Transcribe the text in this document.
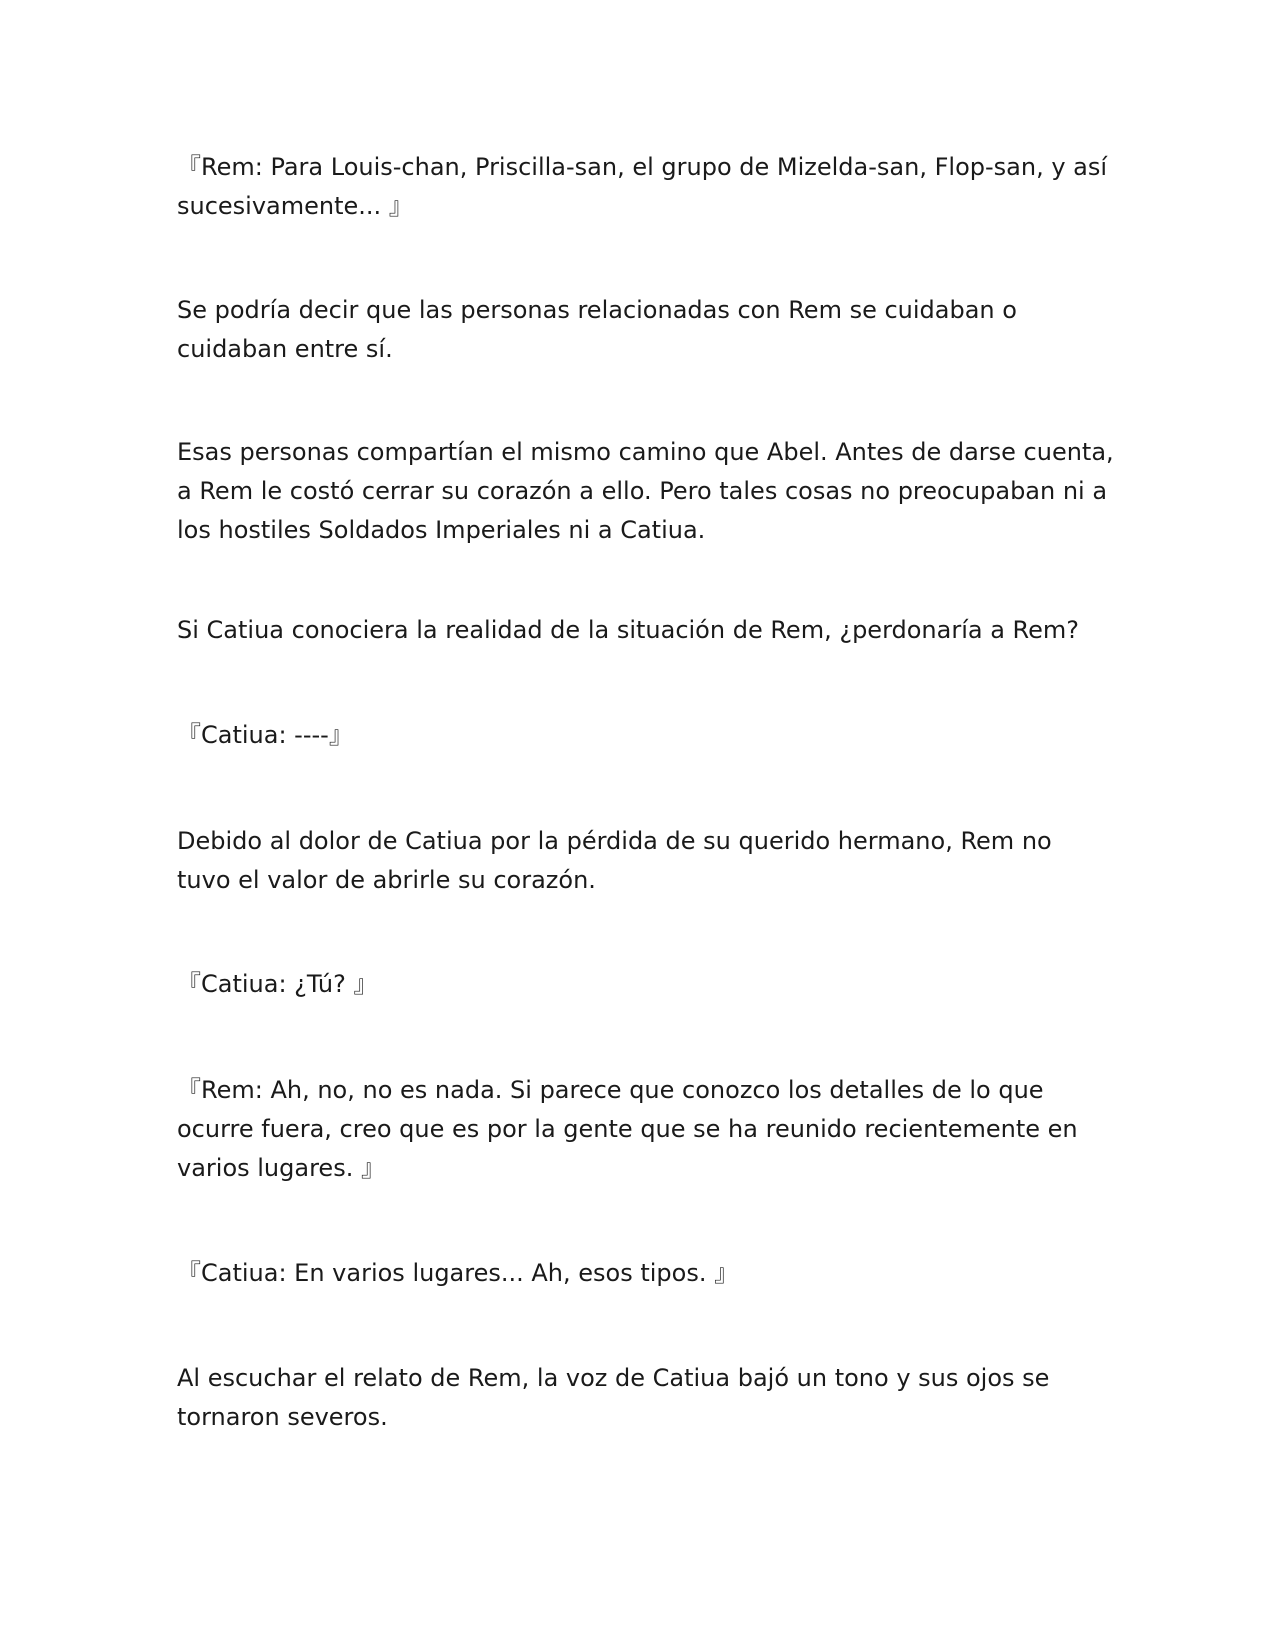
『Rem: Para Louis-chan, Priscilla-san, el grupo de Mizelda-san, Flop-san, y así
sucesivamente... 』

Se podría decir que las personas relacionadas con Rem se cuidaban o
cuidaban entre sí.

Esas personas compartían el mismo camino que Abel. Antes de darse cuenta,
a Rem le costó cerrar su corazón a ello. Pero tales cosas no preocupaban ni a
los hostiles Soldados Imperiales ni a Catiua.

Si Catiua conociera la realidad de la situación de Rem, ¿perdonaría a Rem?

『Catiua: ----』

Debido al dolor de Catiua por la pérdida de su querido hermano, Rem no
tuvo el valor de abrirle su corazón.

『Catiua: ¿Tú? 』

『Rem: Ah, no, no es nada. Si parece que conozco los detalles de lo que
ocurre fuera, creo que es por la gente que se ha reunido recientemente en
varios lugares. 』

『Catiua: En varios lugares... Ah, esos tipos. 』

Al escuchar el relato de Rem, la voz de Catiua bajó un tono y sus ojos se
tornaron severos.
